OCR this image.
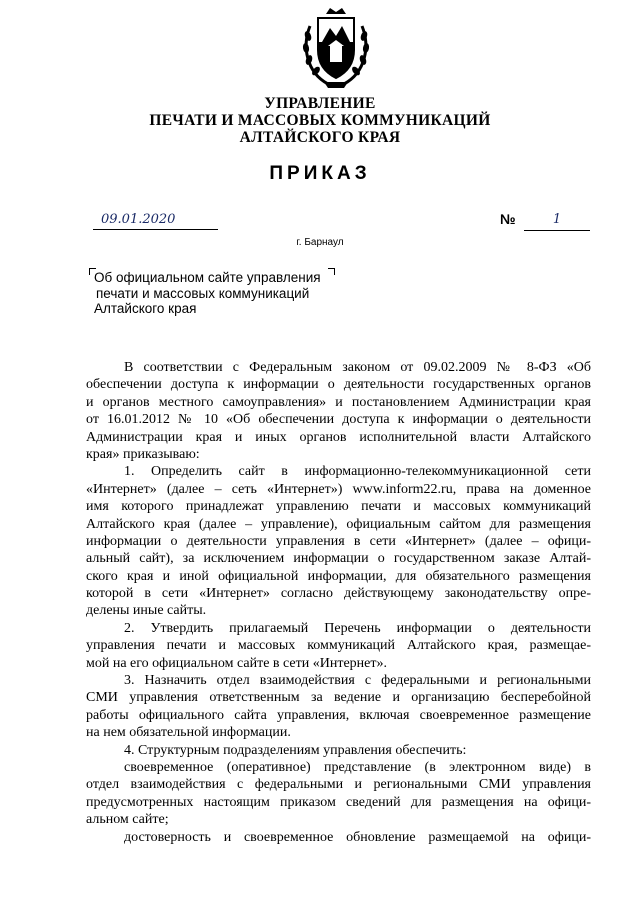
УПРАВЛЕНИЕ
ПЕЧАТИ И МАССОВЫХ КОММУНИКАЦИЙ
АЛТАЙСКОГО КРАЯ
ПРИКАЗ
09.01.2020	№	1
г. Барнаул
Об официальном сайте управления
печати и массовых коммуникаций
Алтайского края
В соответствии с Федеральным законом от 09.02.2009 № 8-ФЗ «Об
обеспечении доступа к информации о деятельности государственных органов
и органов местного самоуправления» и постановлением Администрации края
от 16.01.2012 № 10 «Об обеспечении доступа к информации о деятельности
Администрации края и иных органов исполнительной власти Алтайского
края» приказываю:
1. Определить сайт в информационно-телекоммуникационной сети
«Интернет» (далее – сеть «Интернет») www.inform22.ru, права на доменное
имя которого принадлежат управлению печати и массовых коммуникаций
Алтайского края (далее – управление), официальным сайтом для размещения
информации о деятельности управления в сети «Интернет» (далее – офици-
альный сайт), за исключением информации о государственном заказе Алтай-
ского края и иной официальной информации, для обязательного размещения
которой в сети «Интернет» согласно действующему законодательству опре-
делены иные сайты.
2. Утвердить прилагаемый Перечень информации о деятельности
управления печати и массовых коммуникаций Алтайского края, размещае-
мой на его официальном сайте в сети «Интернет».
3. Назначить отдел взаимодействия с федеральными и региональными
СМИ управления ответственным за ведение и организацию бесперебойной
работы официального сайта управления, включая своевременное размещение
на нем обязательной информации.
4. Структурным подразделениям управления обеспечить:
своевременное (оперативное) представление (в электронном виде) в
отдел взаимодействия с федеральными и региональными СМИ управления
предусмотренных настоящим приказом сведений для размещения на офици-
альном сайте;
достоверность и своевременное обновление размещаемой на офици-
